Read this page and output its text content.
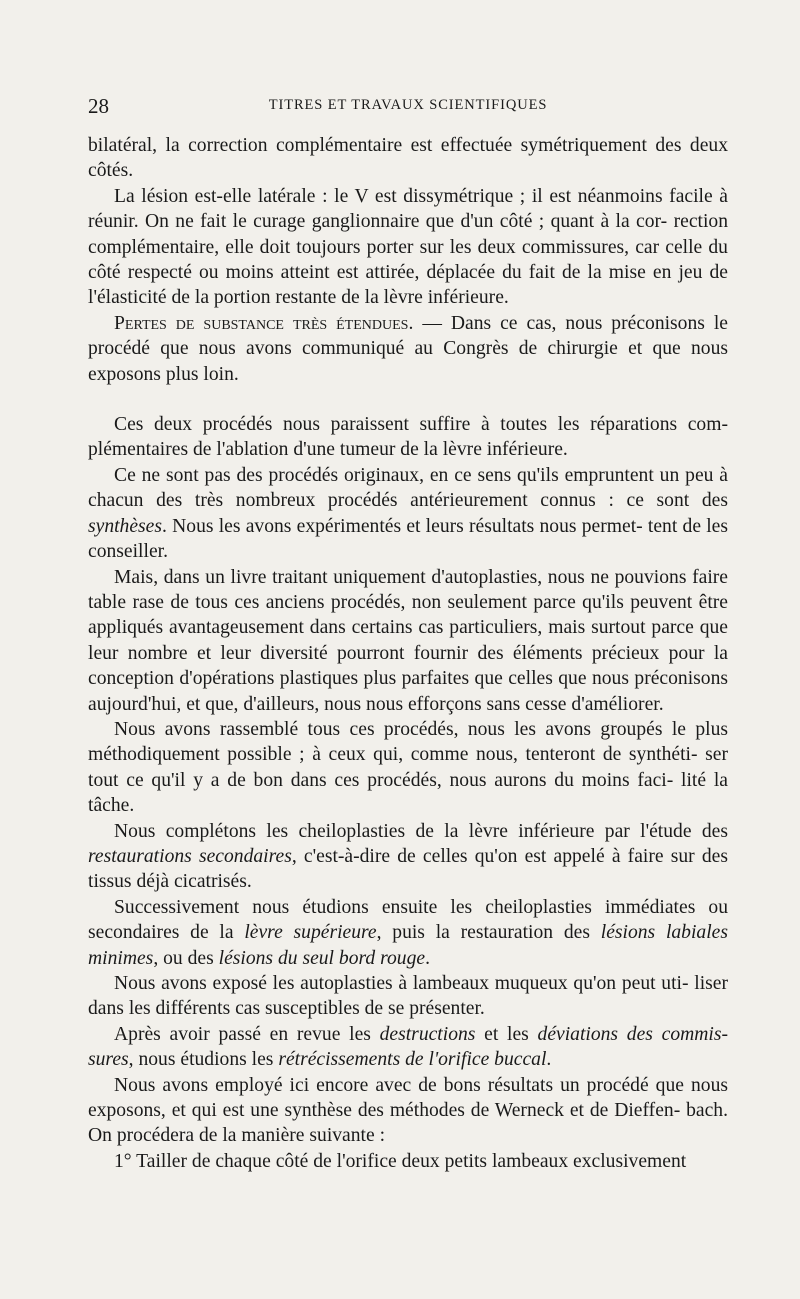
28	TITRES ET TRAVAUX SCIENTIFIQUES

bilatéral, la correction complémentaire est effectuée symétriquement des deux côtés.

La lésion est-elle latérale : le V est dissymétrique ; il est néanmoins facile à réunir. On ne fait le curage ganglionnaire que d'un côté ; quant à la cor- rection complémentaire, elle doit toujours porter sur les deux commissures, car celle du côté respecté ou moins atteint est attirée, déplacée du fait de la mise en jeu de l'élasticité de la portion restante de la lèvre inférieure.

Pertes de substance très étendues. — Dans ce cas, nous préconisons le procédé que nous avons communiqué au Congrès de chirurgie et que nous exposons plus loin.

Ces deux procédés nous paraissent suffire à toutes les réparations com- plémentaires de l'ablation d'une tumeur de la lèvre inférieure.

Ce ne sont pas des procédés originaux, en ce sens qu'ils empruntent un peu à chacun des très nombreux procédés antérieurement connus : ce sont des synthèses. Nous les avons expérimentés et leurs résultats nous permet- tent de les conseiller.

Mais, dans un livre traitant uniquement d'autoplasties, nous ne pouvions faire table rase de tous ces anciens procédés, non seulement parce qu'ils peuvent être appliqués avantageusement dans certains cas particuliers, mais surtout parce que leur nombre et leur diversité pourront fournir des éléments précieux pour la conception d'opérations plastiques plus parfaites que celles que nous préconisons aujourd'hui, et que, d'ailleurs, nous nous efforçons sans cesse d'améliorer.

Nous avons rassemblé tous ces procédés, nous les avons groupés le plus méthodiquement possible ; à ceux qui, comme nous, tenteront de synthéti- ser tout ce qu'il y a de bon dans ces procédés, nous aurons du moins faci- lité la tâche.

Nous complétons les cheiloplasties de la lèvre inférieure par l'étude des restaurations secondaires, c'est-à-dire de celles qu'on est appelé à faire sur des tissus déjà cicatrisés.

Successivement nous étudions ensuite les cheiloplasties immédiates ou secondaires de la lèvre supérieure, puis la restauration des lésions labiales minimes, ou des lésions du seul bord rouge.

Nous avons exposé les autoplasties à lambeaux muqueux qu'on peut uti- liser dans les différents cas susceptibles de se présenter.

Après avoir passé en revue les destructions et les déviations des commis- sures, nous étudions les rétrécissements de l'orifice buccal.

Nous avons employé ici encore avec de bons résultats un procédé que nous exposons, et qui est une synthèse des méthodes de Werneck et de Dieffen- bach. On procédera de la manière suivante :

1° Tailler de chaque côté de l'orifice deux petits lambeaux exclusivement
